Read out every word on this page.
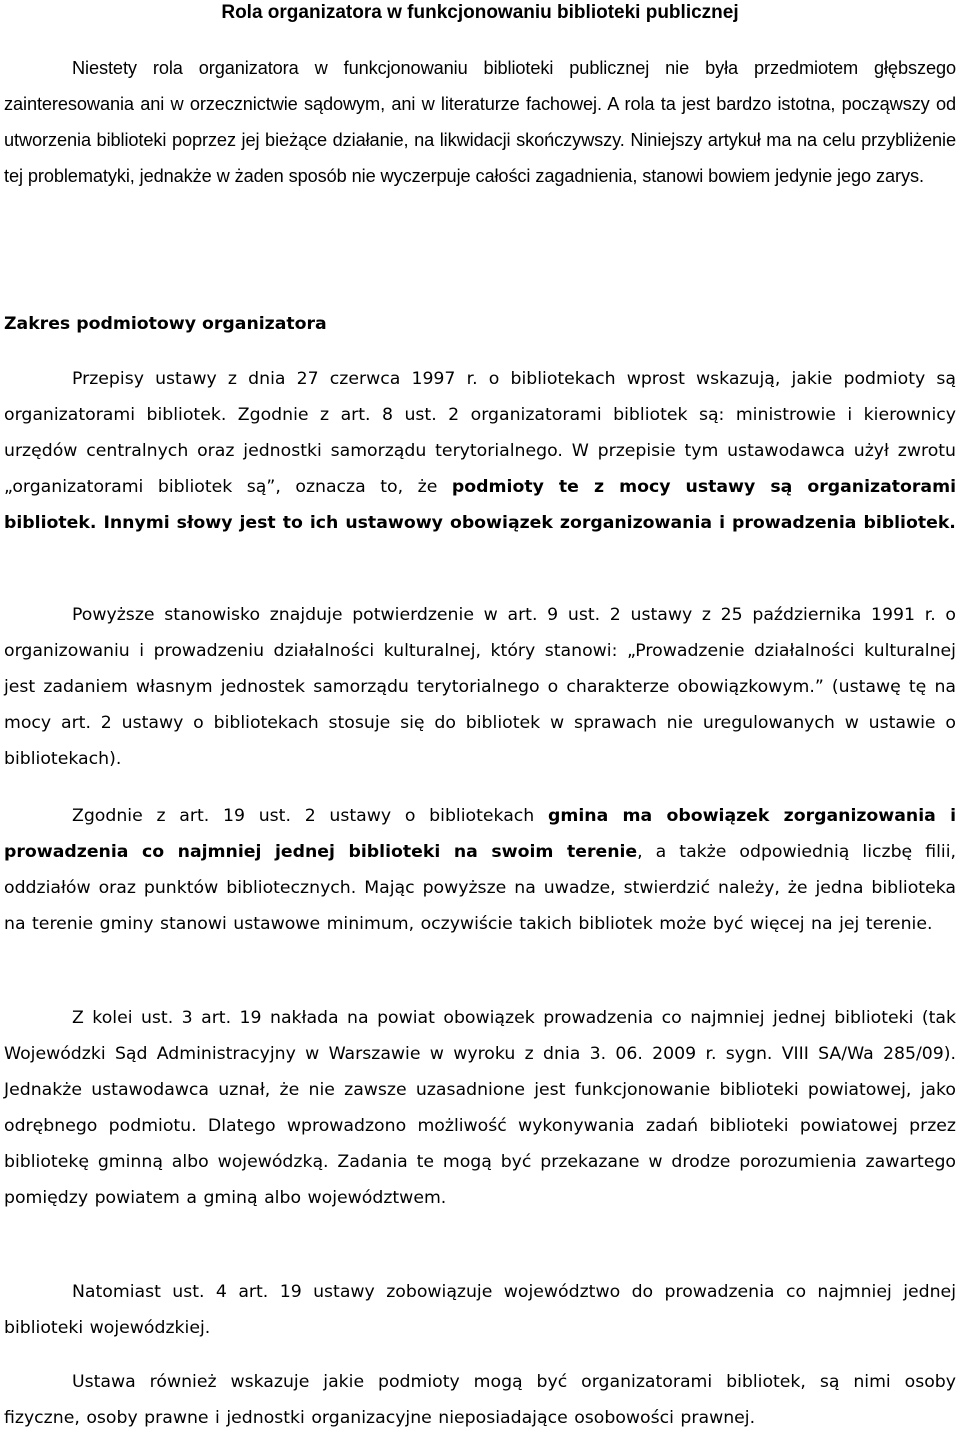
Rola organizatora w funkcjonowaniu biblioteki publicznej

Niestety rola organizatora w funkcjonowaniu biblioteki publicznej nie była przedmiotem głębszego zainteresowania ani w orzecznictwie sądowym, ani w literaturze fachowej. A rola ta jest bardzo istotna, począwszy od utworzenia biblioteki poprzez jej bieżące działanie, na likwidacji skończywszy. Niniejszy artykuł ma na celu przybliżenie tej problematyki, jednakże w żaden sposób nie wyczerpuje całości zagadnienia, stanowi bowiem jedynie jego zarys.

Zakres podmiotowy organizatora

Przepisy ustawy z dnia 27 czerwca 1997 r. o bibliotekach wprost wskazują, jakie podmioty są organizatorami bibliotek. Zgodnie z art. 8 ust. 2 organizatorami bibliotek są: ministrowie i kierownicy urzędów centralnych oraz jednostki samorządu terytorialnego. W przepisie tym ustawodawca użył zwrotu „organizatorami bibliotek są”, oznacza to, że podmioty te z mocy ustawy są organizatorami bibliotek. Innymi słowy jest to ich ustawowy obowiązek zorganizowania i prowadzenia bibliotek.

Powyższe stanowisko znajduje potwierdzenie w art. 9 ust. 2 ustawy z 25 października 1991 r. o organizowaniu i prowadzeniu działalności kulturalnej, który stanowi: „Prowadzenie działalności kulturalnej jest zadaniem własnym jednostek samorządu terytorialnego o charakterze obowiązkowym.” (ustawę tę na mocy art. 2 ustawy o bibliotekach stosuje się do bibliotek w sprawach nie uregulowanych w ustawie o bibliotekach).

Zgodnie z art. 19 ust. 2 ustawy o bibliotekach gmina ma obowiązek zorganizowania i prowadzenia co najmniej jednej biblioteki na swoim terenie, a także odpowiednią liczbę filii, oddziałów oraz punktów bibliotecznych. Mając powyższe na uwadze, stwierdzić należy, że jedna biblioteka na terenie gminy stanowi ustawowe minimum, oczywiście takich bibliotek może być więcej na jej terenie.

Z kolei ust. 3 art. 19 nakłada na powiat obowiązek prowadzenia co najmniej jednej biblioteki (tak Wojewódzki Sąd Administracyjny w Warszawie w wyroku z dnia 3. 06. 2009 r. sygn. VIII SA/Wa 285/09). Jednakże ustawodawca uznał, że nie zawsze uzasadnione jest funkcjonowanie biblioteki powiatowej, jako odrębnego podmiotu. Dlatego wprowadzono możliwość wykonywania zadań biblioteki powiatowej przez bibliotekę gminną albo wojewódzką. Zadania te mogą być przekazane w drodze porozumienia zawartego pomiędzy powiatem a gminą albo województwem.

Natomiast ust. 4 art. 19 ustawy zobowiązuje województwo do prowadzenia co najmniej jednej biblioteki wojewódzkiej.

Ustawa również wskazuje jakie podmioty mogą być organizatorami bibliotek, są nimi osoby fizyczne, osoby prawne i jednostki organizacyjne nieposiadające osobowości prawnej.
